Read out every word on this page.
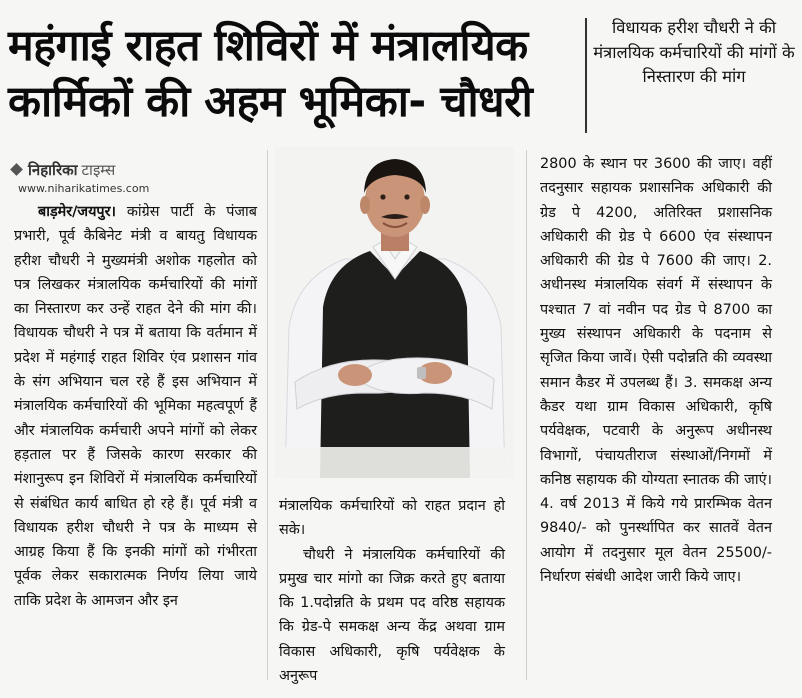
महंगाई राहत शिविरों में मंत्रालयिक
कार्मिकों की अहम भूमिका- चौधरी
विधायक हरीश चौधरी ने की मंत्रालयिक कर्मचारियों की मांगों के निस्तारण की मांग
निहारिका टाइम्स
www.niharikatimes.com

बाड़मेर/जयपुर। कांग्रेस पार्टी के पंजाब प्रभारी, पूर्व कैबिनेट मंत्री व बायतु विधायक हरीश चौधरी ने मुख्यमंत्री अशोक गहलोत को पत्र लिखकर मंत्रालयिक कर्मचारियों की मांगों का निस्तारण कर उन्हें राहत देने की मांग की। विधायक चौधरी ने पत्र में बताया कि वर्तमान में प्रदेश में महंगाई राहत शिविर एंव प्रशासन गांव के संग अभियान चल रहे हैं इस अभियान में मंत्रालयिक कर्मचारियों की भूमिका महत्वपूर्ण हैं और मंत्रालयिक कर्मचारी अपने मांगों को लेकर हड़ताल पर हैं जिसके कारण सरकार की मंशानुरूप इन शिविरों में मंत्रालयिक कर्मचारियों से संबंधित कार्य बाधित हो रहे हैं। पूर्व मंत्री व विधायक हरीश चौधरी ने पत्र के माध्यम से आग्रह किया हैं कि इनकी मांगों को गंभीरता पूर्वक लेकर सकारात्मक निर्णय लिया जाये ताकि प्रदेश के आमजन और इन

मंत्रालयिक कर्मचारियों को राहत प्रदान हो सके।

चौधरी ने मंत्रालयिक कर्मचारियों की प्रमुख चार मांगो का जिक्र करते हुए बताया कि 1.पदोन्नति के प्रथम पद वरिष्ठ सहायक कि ग्रेड-पे समकक्ष अन्य केंद्र अथवा ग्राम विकास अधिकारी, कृषि पर्यवेक्षक के अनुरूप

2800 के स्थान पर 3600 की जाए। वहीं तदनुसार सहायक प्रशासनिक अधिकारी की ग्रेड पे 4200, अतिरिक्त प्रशासनिक अधिकारी की ग्रेड पे 6600 एंव संस्थापन अधिकारी की ग्रेड पे 7600 की जाए। 2. अधीनस्थ मंत्रालयिक संवर्ग में संस्थापन के पश्चात 7 वां नवीन पद ग्रेड पे 8700 का मुख्य संस्थापन अधिकारी के पदनाम से सृजित किया जावें। ऐसी पदोन्नति की व्यवस्था समान कैडर में उपलब्ध हैं। 3. समकक्ष अन्य कैडर यथा ग्राम विकास अधिकारी, कृषि पर्यवेक्षक, पटवारी के अनुरूप अधीनस्थ विभागों, पंचायतीराज संस्थाओं/निगमों में कनिष्ठ सहायक की योग्यता स्नातक की जाएं। 4. वर्ष 2013 में किये गये प्रारम्भिक वेतन 9840/- को पुनर्स्थापित कर सातवें वेतन आयोग में तदनुसार मूल वेतन 25500/- निर्धारण संबंधी आदेश जारी किये जाए।
